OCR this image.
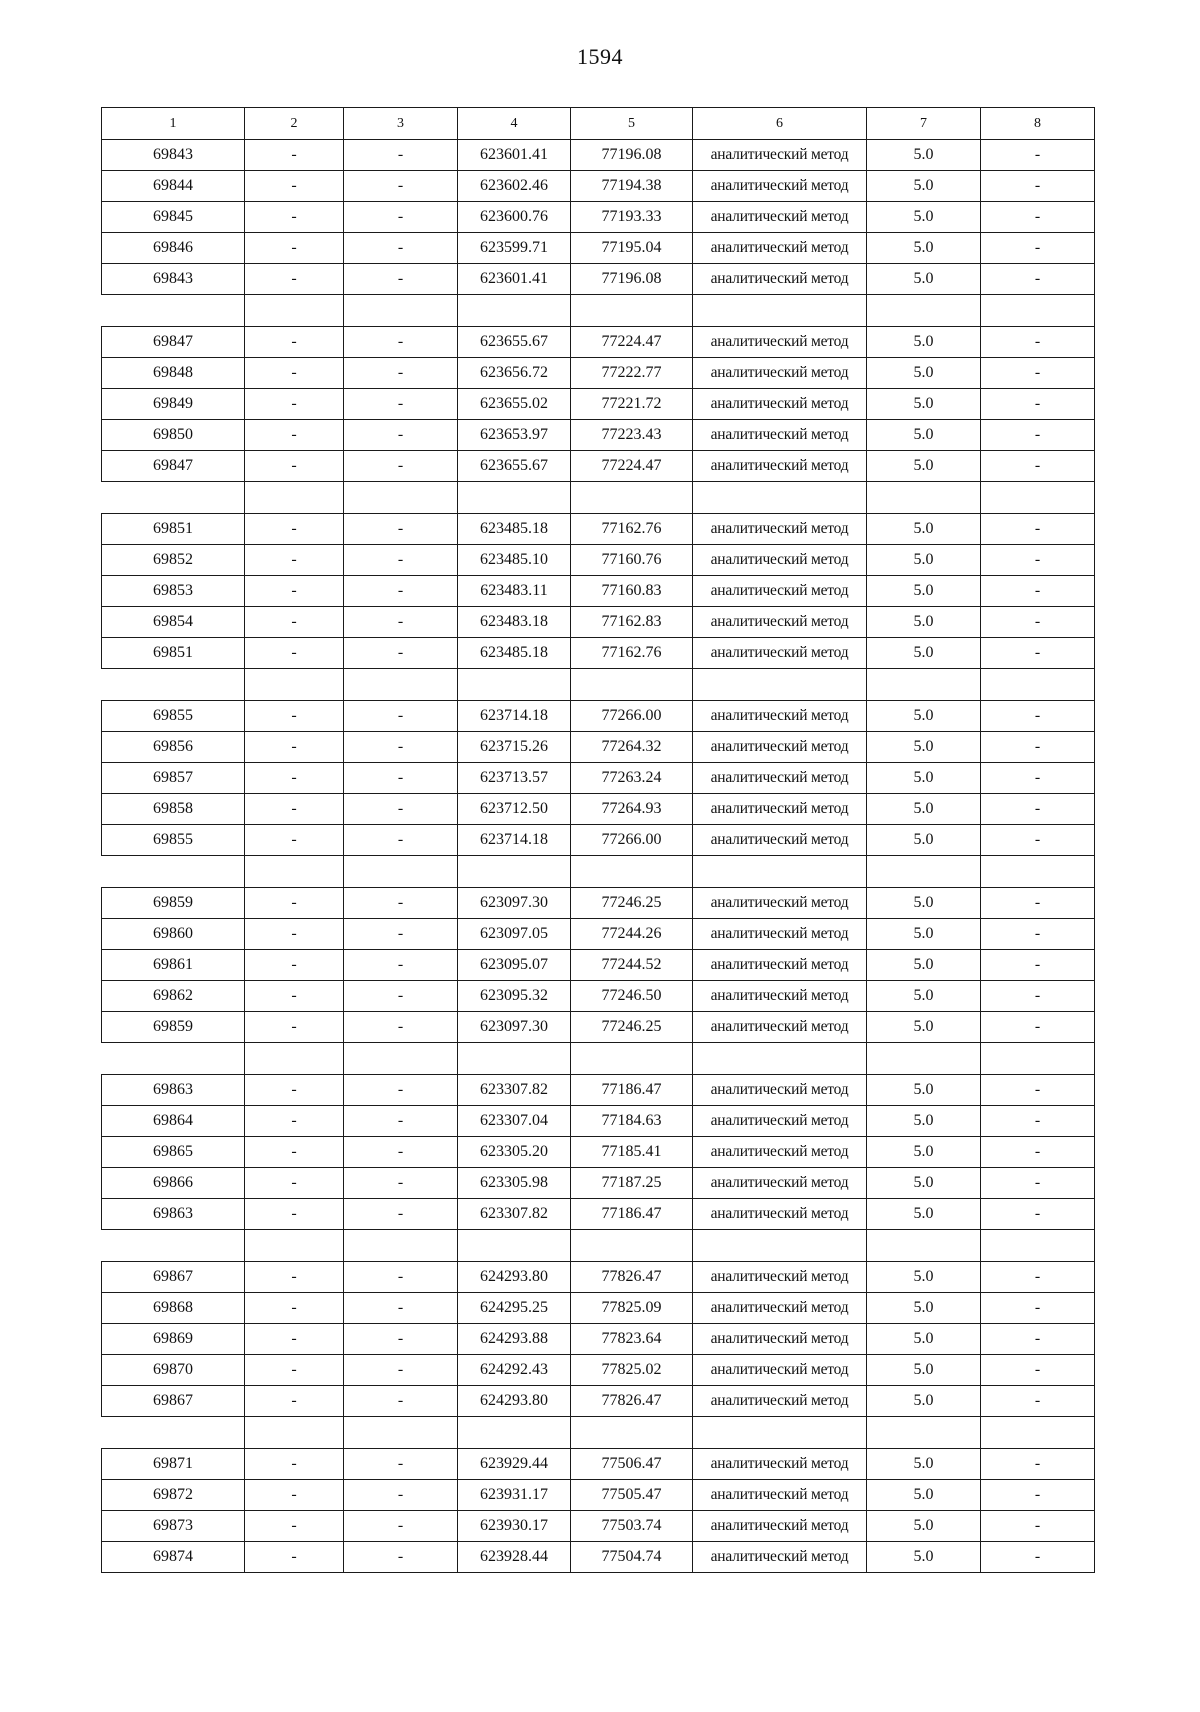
1594
1	2	3	4	5	6	7	8
69843	-	-	623601.41	77196.08	аналитический метод	5.0	-
69844	-	-	623602.46	77194.38	аналитический метод	5.0	-
69845	-	-	623600.76	77193.33	аналитический метод	5.0	-
69846	-	-	623599.71	77195.04	аналитический метод	5.0	-
69843	-	-	623601.41	77196.08	аналитический метод	5.0	-

69847	-	-	623655.67	77224.47	аналитический метод	5.0	-
69848	-	-	623656.72	77222.77	аналитический метод	5.0	-
69849	-	-	623655.02	77221.72	аналитический метод	5.0	-
69850	-	-	623653.97	77223.43	аналитический метод	5.0	-
69847	-	-	623655.67	77224.47	аналитический метод	5.0	-

69851	-	-	623485.18	77162.76	аналитический метод	5.0	-
69852	-	-	623485.10	77160.76	аналитический метод	5.0	-
69853	-	-	623483.11	77160.83	аналитический метод	5.0	-
69854	-	-	623483.18	77162.83	аналитический метод	5.0	-
69851	-	-	623485.18	77162.76	аналитический метод	5.0	-

69855	-	-	623714.18	77266.00	аналитический метод	5.0	-
69856	-	-	623715.26	77264.32	аналитический метод	5.0	-
69857	-	-	623713.57	77263.24	аналитический метод	5.0	-
69858	-	-	623712.50	77264.93	аналитический метод	5.0	-
69855	-	-	623714.18	77266.00	аналитический метод	5.0	-

69859	-	-	623097.30	77246.25	аналитический метод	5.0	-
69860	-	-	623097.05	77244.26	аналитический метод	5.0	-
69861	-	-	623095.07	77244.52	аналитический метод	5.0	-
69862	-	-	623095.32	77246.50	аналитический метод	5.0	-
69859	-	-	623097.30	77246.25	аналитический метод	5.0	-

69863	-	-	623307.82	77186.47	аналитический метод	5.0	-
69864	-	-	623307.04	77184.63	аналитический метод	5.0	-
69865	-	-	623305.20	77185.41	аналитический метод	5.0	-
69866	-	-	623305.98	77187.25	аналитический метод	5.0	-
69863	-	-	623307.82	77186.47	аналитический метод	5.0	-

69867	-	-	624293.80	77826.47	аналитический метод	5.0	-
69868	-	-	624295.25	77825.09	аналитический метод	5.0	-
69869	-	-	624293.88	77823.64	аналитический метод	5.0	-
69870	-	-	624292.43	77825.02	аналитический метод	5.0	-
69867	-	-	624293.80	77826.47	аналитический метод	5.0	-

69871	-	-	623929.44	77506.47	аналитический метод	5.0	-
69872	-	-	623931.17	77505.47	аналитический метод	5.0	-
69873	-	-	623930.17	77503.74	аналитический метод	5.0	-
69874	-	-	623928.44	77504.74	аналитический метод	5.0	-
